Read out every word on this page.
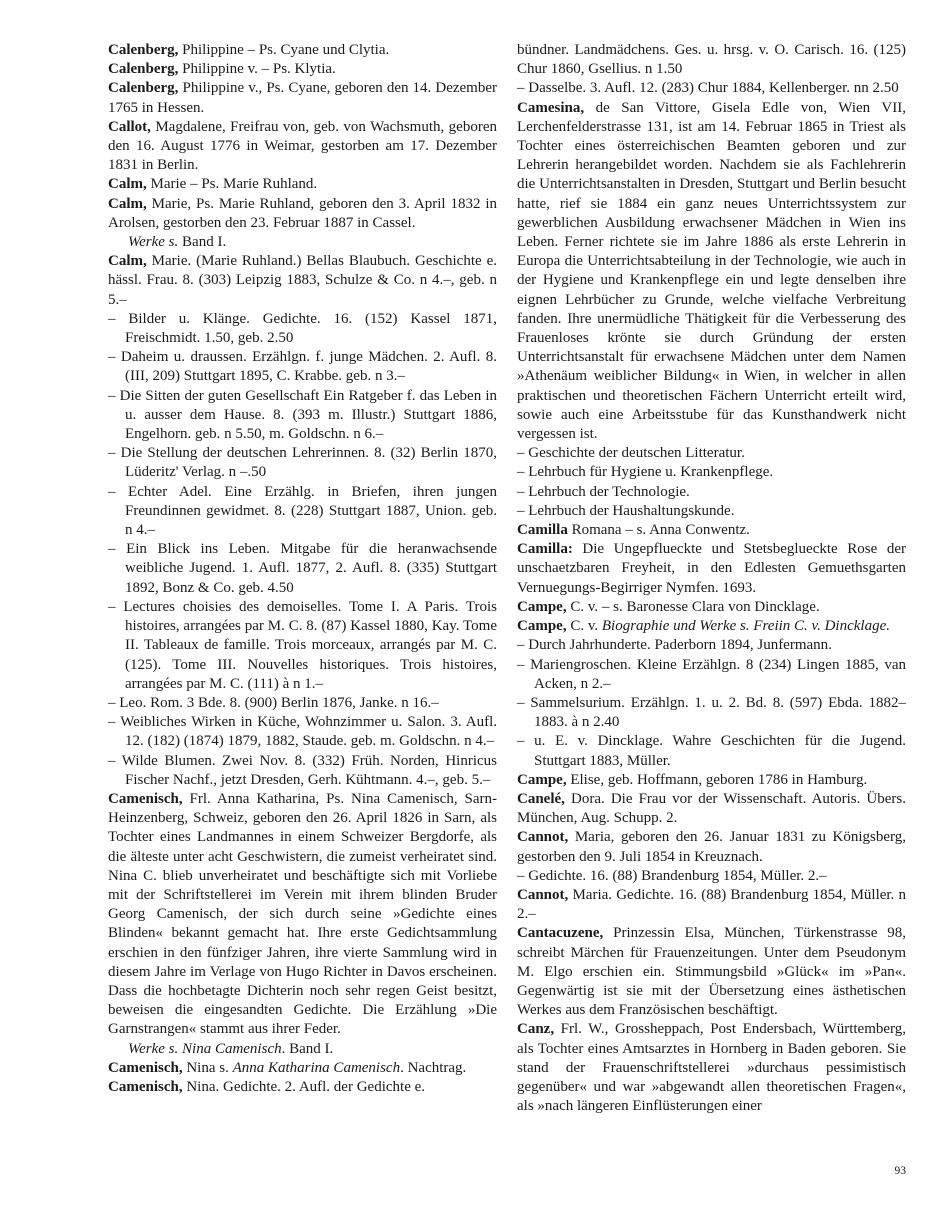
Calenberg, Philippine – Ps. Cyane und Clytia.

Calenberg, Philippine v. – Ps. Klytia.

Calenberg, Philippine v., Ps. Cyane, geboren den 14. Dezember 1765 in Hessen.

Callot, Magdalene, Freifrau von, geb. von Wachsmuth, geboren den 16. August 1776 in Weimar, gestorben am 17. Dezember 1831 in Berlin.

Calm, Marie – Ps. Marie Ruhland.

Calm, Marie, Ps. Marie Ruhland, geboren den 3. April 1832 in Arolsen, gestorben den 23. Februar 1887 in Cassel.

Werke s. Band I.

Calm, Marie. (Marie Ruhland.) Bellas Blaubuch. Geschichte e. hässl. Frau. 8. (303) Leipzig 1883, Schulze & Co. n 4.–, geb. n 5.–

– Bilder u. Klänge. Gedichte. 16. (152) Kassel 1871, Freischmidt. 1.50, geb. 2.50

– Daheim u. draussen. Erzählgn. f. junge Mädchen. 2. Aufl. 8. (III, 209) Stuttgart 1895, C. Krabbe. geb. n 3.–

– Die Sitten der guten Gesellschaft Ein Ratgeber f. das Leben in u. ausser dem Hause. 8. (393 m. Illustr.) Stuttgart 1886, Engelhorn. geb. n 5.50, m. Goldschn. n 6.–

– Die Stellung der deutschen Lehrerinnen. 8. (32) Berlin 1870, Lüderitz' Verlag. n –.50

– Echter Adel. Eine Erzählg. in Briefen, ihren jungen Freundinnen gewidmet. 8. (228) Stuttgart 1887, Union. geb. n 4.–

– Ein Blick ins Leben. Mitgabe für die heranwachsende weibliche Jugend. 1. Aufl. 1877, 2. Aufl. 8. (335) Stuttgart 1892, Bonz & Co. geb. 4.50

– Lectures choisies des demoiselles. Tome I. A Paris. Trois histoires, arrangées par M. C. 8. (87) Kassel 1880, Kay. Tome II. Tableaux de famille. Trois morceaux, arrangés par M. C. (125). Tome III. Nouvelles historiques. Trois histoires, arrangées par M. C. (111) à n 1.–

– Leo. Rom. 3 Bde. 8. (900) Berlin 1876, Janke. n 16.–

– Weibliches Wirken in Küche, Wohnzimmer u. Salon. 3. Aufl. 12. (182) (1874) 1879, 1882, Staude. geb. m. Goldschn. n 4.–

– Wilde Blumen. Zwei Nov. 8. (332) Früh. Norden, Hinricus Fischer Nachf., jetzt Dresden, Gerh. Kühtmann. 4.–, geb. 5.–

Camenisch, Frl. Anna Katharina, Ps. Nina Camenisch, Sarn-Heinzenberg, Schweiz, geboren den 26. April 1826 in Sarn, als Tochter eines Landmannes in einem Schweizer Bergdorfe, als die älteste unter acht Geschwistern, die zumeist verheiratet sind. Nina C. blieb unverheiratet und beschäftigte sich mit Vorliebe mit der Schriftstellerei im Verein mit ihrem blinden Bruder Georg Camenisch, der sich durch seine »Gedichte eines Blinden« bekannt gemacht hat. Ihre erste Gedichtsammlung erschien in den fünfziger Jahren, ihre vierte Sammlung wird in diesem Jahre im Verlage von Hugo Richter in Davos erscheinen. Dass die hochbetagte Dichterin noch sehr regen Geist besitzt, beweisen die eingesandten Gedichte. Die Erzählung »Die Garnstrangen« stammt aus ihrer Feder.

Werke s. Nina Camenisch. Band I.

Camenisch, Nina s. Anna Katharina Camenisch. Nachtrag.

Camenisch, Nina. Gedichte. 2. Aufl. der Gedichte e.

bündner. Landmädchens. Ges. u. hrsg. v. O. Carisch. 16. (125) Chur 1860, Gsellius. n 1.50

– Dasselbe. 3. Aufl. 12. (283) Chur 1884, Kellenberger. nn 2.50

Camesina, de San Vittore, Gisela Edle von, Wien VII, Lerchenfelderstrasse 131, ist am 14. Februar 1865 in Triest als Tochter eines österreichischen Beamten geboren und zur Lehrerin herangebildet worden. Nachdem sie als Fachlehrerin die Unterrichtsanstalten in Dresden, Stuttgart und Berlin besucht hatte, rief sie 1884 ein ganz neues Unterrichtssystem zur gewerblichen Ausbildung erwachsener Mädchen in Wien ins Leben. Ferner richtete sie im Jahre 1886 als erste Lehrerin in Europa die Unterrichtsabteilung in der Technologie, wie auch in der Hygiene und Krankenpflege ein und legte denselben ihre eignen Lehrbücher zu Grunde, welche vielfache Verbreitung fanden. Ihre unermüdliche Thätigkeit für die Verbesserung des Frauenloses krönte sie durch Gründung der ersten Unterrichtsanstalt für erwachsene Mädchen unter dem Namen »Athenäum weiblicher Bildung« in Wien, in welcher in allen praktischen und theoretischen Fächern Unterricht erteilt wird, sowie auch eine Arbeitsstube für das Kunsthandwerk nicht vergessen ist.

– Geschichte der deutschen Litteratur.

– Lehrbuch für Hygiene u. Krankenpflege.

– Lehrbuch der Technologie.

– Lehrbuch der Haushaltungskunde.

Camilla Romana – s. Anna Conwentz.

Camilla: Die Ungepflueckte und Stetsbeglueckte Rose der unschaetzbaren Freyheit, in den Edlesten Gemuethsgarten Vernuegungs-Begirriger Nymfen. 1693.

Campe, C. v. – s. Baronesse Clara von Dincklage.

Campe, C. v. Biographie und Werke s. Freiin C. v. Dincklage.

– Durch Jahrhunderte. Paderborn 1894, Junfermann.

– Mariengroschen. Kleine Erzählgn. 8 (234) Lingen 1885, van Acken, n 2.–

– Sammelsurium. Erzählgn. 1. u. 2. Bd. 8. (597) Ebda. 1882–1883. à n 2.40

– u. E. v. Dincklage. Wahre Geschichten für die Jugend. Stuttgart 1883, Müller.

Campe, Elise, geb. Hoffmann, geboren 1786 in Hamburg.

Canelé, Dora. Die Frau vor der Wissenschaft. Autoris. Übers. München, Aug. Schupp. 2.

Cannot, Maria, geboren den 26. Januar 1831 zu Königsberg, gestorben den 9. Juli 1854 in Kreuznach.

– Gedichte. 16. (88) Brandenburg 1854, Müller. 2.–

Cannot, Maria. Gedichte. 16. (88) Brandenburg 1854, Müller. n 2.–

Cantacuzene, Prinzessin Elsa, München, Türkenstrasse 98, schreibt Märchen für Frauenzeitungen. Unter dem Pseudonym M. Elgo erschien ein. Stimmungsbild »Glück« im »Pan«. Gegenwärtig ist sie mit der Übersetzung eines ästhetischen Werkes aus dem Französischen beschäftigt.

Canz, Frl. W., Grossheppach, Post Endersbach, Württemberg, als Tochter eines Amtsarztes in Hornberg in Baden geboren. Sie stand der Frauenschriftstellerei »durchaus pessimistisch gegenüber« und war »abgewandt allen theoretischen Fragen«, als »nach längeren Einflüsterungen einer

93
